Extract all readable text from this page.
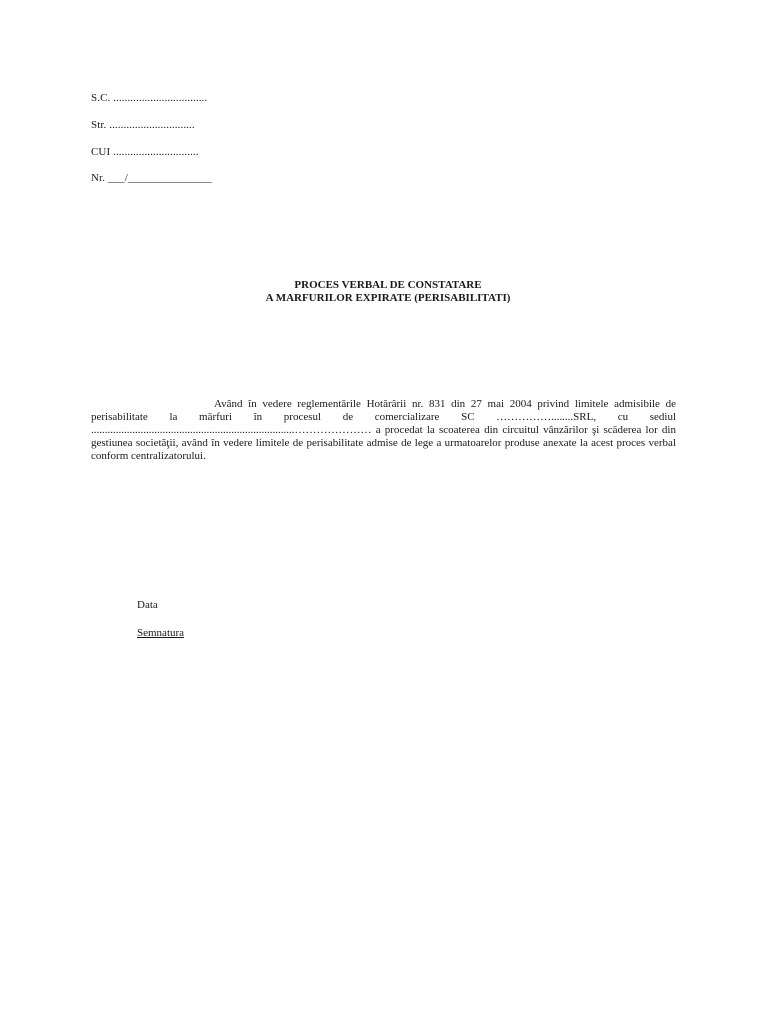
S.C. .................................
Str. ..............................
CUI ..............................
Nr. ___/_______________
PROCES VERBAL DE CONSTATARE
A MARFURILOR EXPIRATE (PERISABILITATI)
Având în vedere reglementările Hotărârii nr. 831 din 27 mai 2004 privind limitele admisibile de perisabilitate la mărfuri în procesul de comercializare SC ……………........SRL, cu sediul ..........................................................................………………… a procedat la scoaterea din circuitul vânzărilor şi scăderea lor din gestiunea societăţii, având în vedere limitele de perisabilitate admise de lege a urmatoarelor produse anexate la acest proces verbal conform centralizatorului.
Data
Semnatura
